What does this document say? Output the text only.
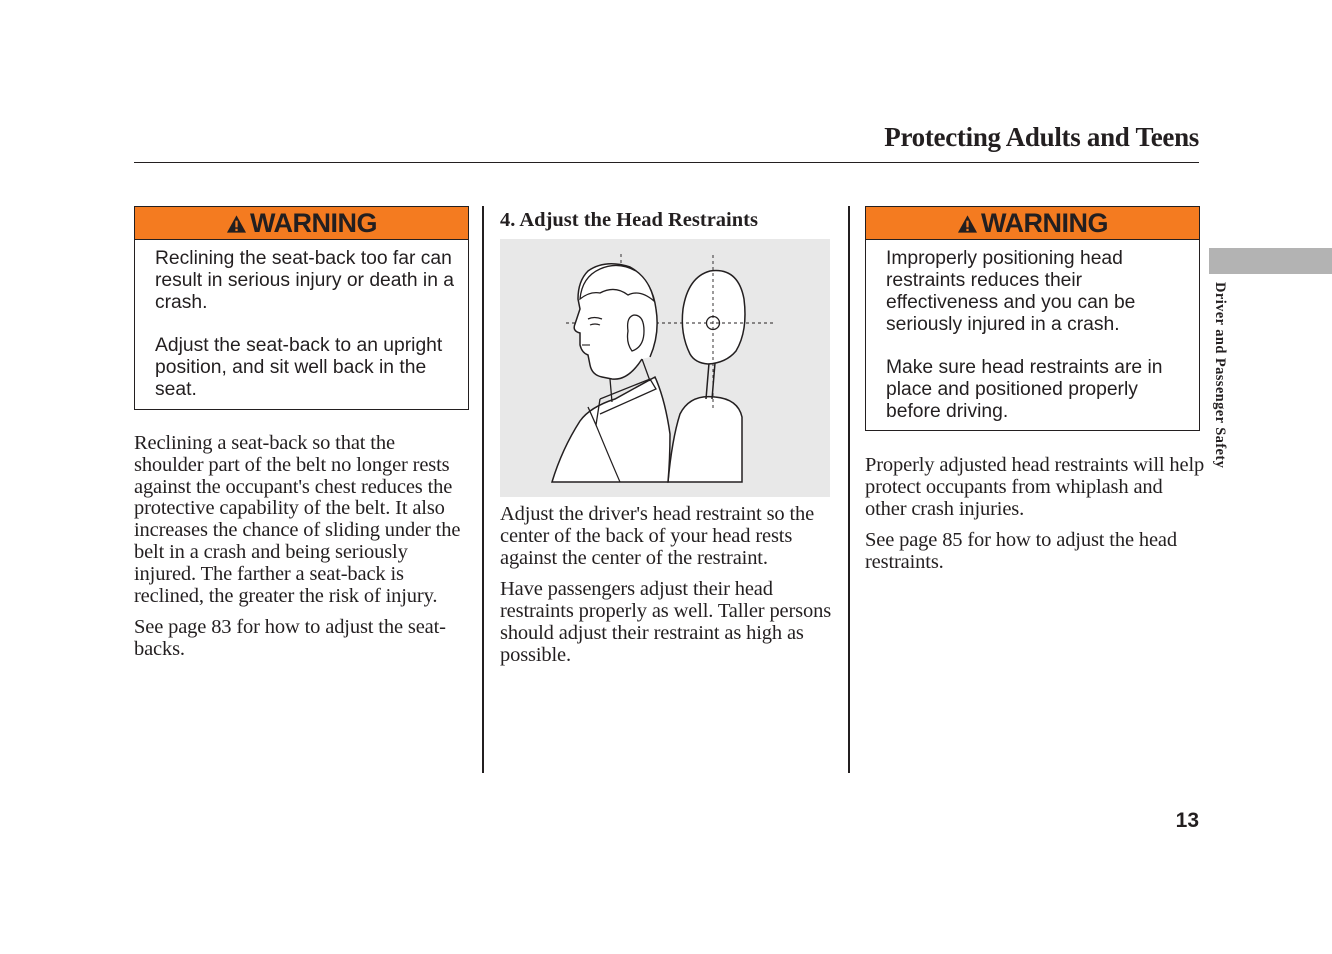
Protecting Adults and Teens
WARNING

Reclining the seat-back too far can result in serious injury or death in a crash.

Adjust the seat-back to an upright position, and sit well back in the seat.

Reclining a seat-back so that the shoulder part of the belt no longer rests against the occupant's chest reduces the protective capability of the belt. It also increases the chance of sliding under the belt in a crash and being seriously injured. The farther a seat-back is reclined, the greater the risk of injury.

See page 83 for how to adjust the seat-backs.

4. Adjust the Head Restraints

Adjust the driver's head restraint so the center of the back of your head rests against the center of the restraint.

Have passengers adjust their head restraints properly as well. Taller persons should adjust their restraint as high as possible.

WARNING

Improperly positioning head restraints reduces their effectiveness and you can be seriously injured in a crash.

Make sure head restraints are in place and positioned properly before driving.

Properly adjusted head restraints will help protect occupants from whiplash and other crash injuries.

See page 85 for how to adjust the head restraints.

Driver and Passenger Safety
13
